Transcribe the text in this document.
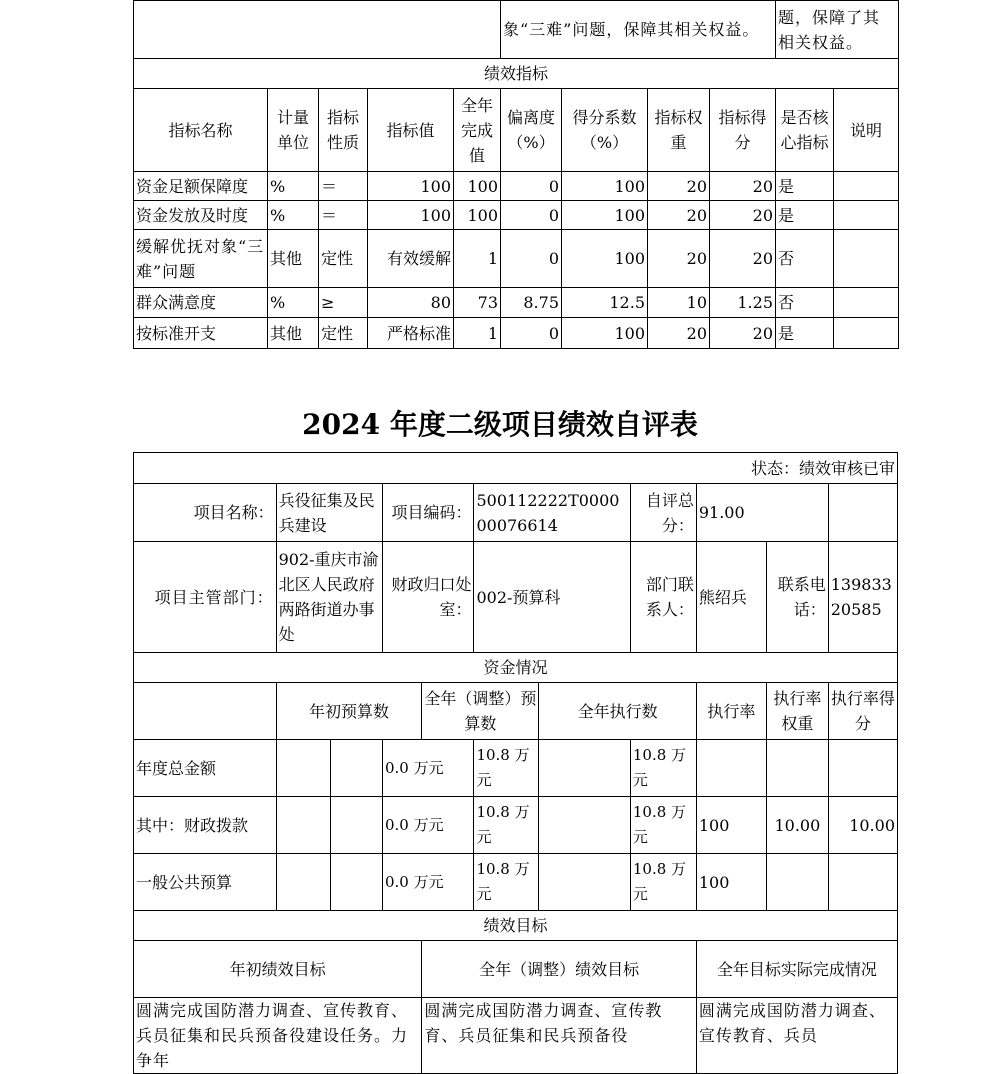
					象“三难”问题，保障其相关权益。				题，保障了其相关权益。	
绩效指标										
指标名称	计量单位	指标性质	指标值	全年完成值	偏离度（%）	得分系数（%）	指标权重	指标得分	是否核心指标	说明
资金足额保障度	%	＝	100	100	0	100	20	20	是	
资金发放及时度	%	＝	100	100	0	100	20	20	是	
缓解优抚对象“三难”问题	其他	定性	有效缓解	1	0	100	20	20	否	
群众满意度	%	≥	80	73	8.75	12.5	10	1.25	否	
按标准开支	其他	定性	严格标准	1	0	100	20	20	是	
2024 年度二级项目绩效自评表
状态：绩效审核已审										
项目名称：	兵役征集及民兵建设		项目编码：		500112222T000000076614		自评总分：	91.00		
项目主管部门：	902-重庆市渝北区人民政府两路街道办事处		财政归口处室：		002-预算科		部门联系人：	熊绍兵	联系电话：	13983320585
资金情况										
	年初预算数			全年（调整）预算数		全年执行数		执行率	执行率权重	执行率得分
年度总金额			0.0 万元		10.8 万元		10.8 万元			
其中：财政拨款			0.0 万元		10.8 万元		10.8 万元	100	10.00	10.00
一般公共预算			0.0 万元		10.8 万元		10.8 万元	100		
绩效目标										
年初绩效目标				全年（调整）绩效目标				全年目标实际完成情况		
圆满完成国防潜力调查、宣传教育、兵员征集和民兵预备役建设任务。力争年				圆满完成国防潜力调查、宣传教育、兵员征集和民兵预备役				圆满完成国防潜力调查、宣传教育、兵员		
